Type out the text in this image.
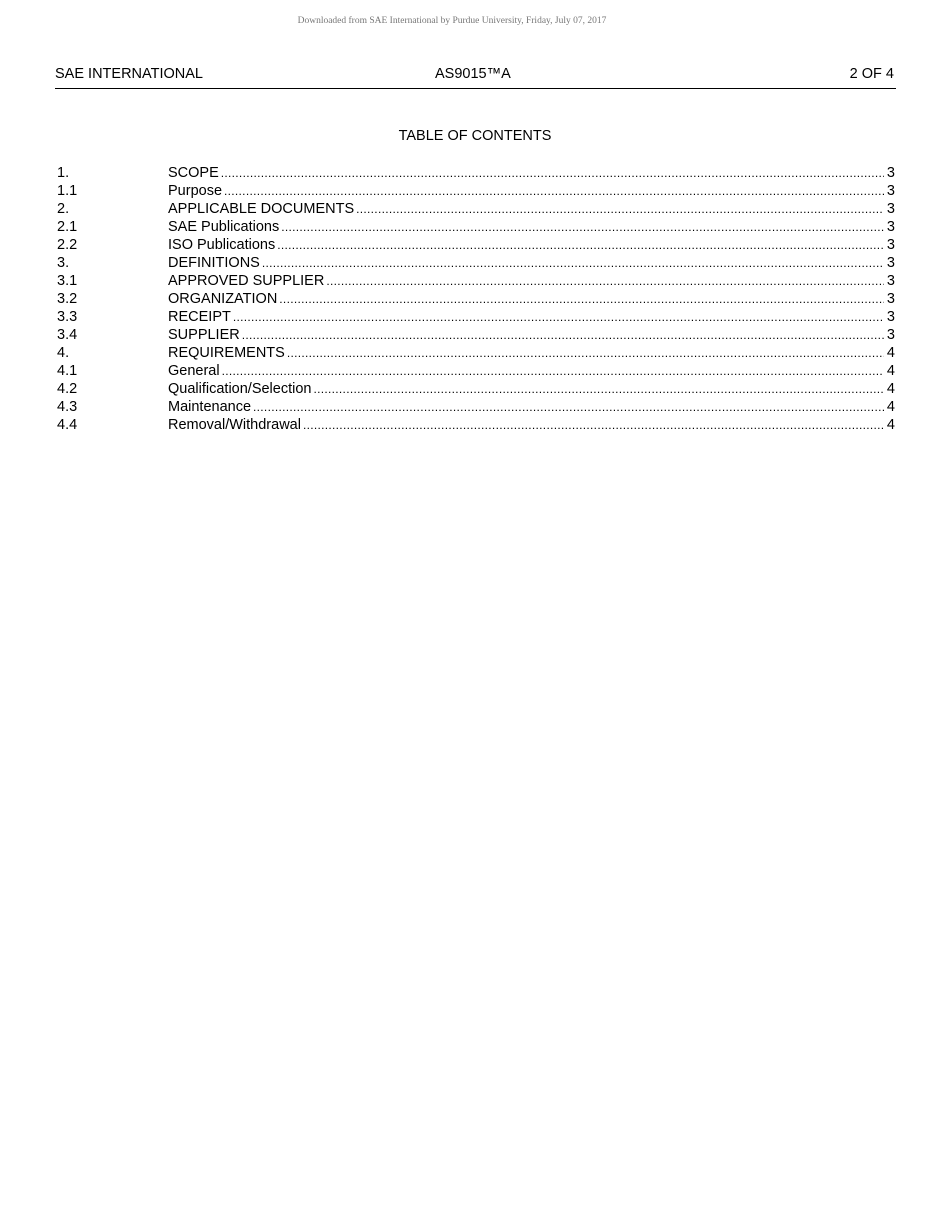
Downloaded from SAE International by Purdue University, Friday, July 07, 2017
SAE INTERNATIONAL	AS9015™A	2 OF 4
TABLE OF CONTENTS
1.	SCOPE .....	3
1.1	Purpose .....	3
2.	APPLICABLE DOCUMENTS .....	3
2.1	SAE Publications .....	3
2.2	ISO Publications .....	3
3.	DEFINITIONS .....	3
3.1	APPROVED SUPPLIER .....	3
3.2	ORGANIZATION .....	3
3.3	RECEIPT .....	3
3.4	SUPPLIER .....	3
4.	REQUIREMENTS .....	4
4.1	General .....	4
4.2	Qualification/Selection .....	4
4.3	Maintenance .....	4
4.4	Removal/Withdrawal .....	4
